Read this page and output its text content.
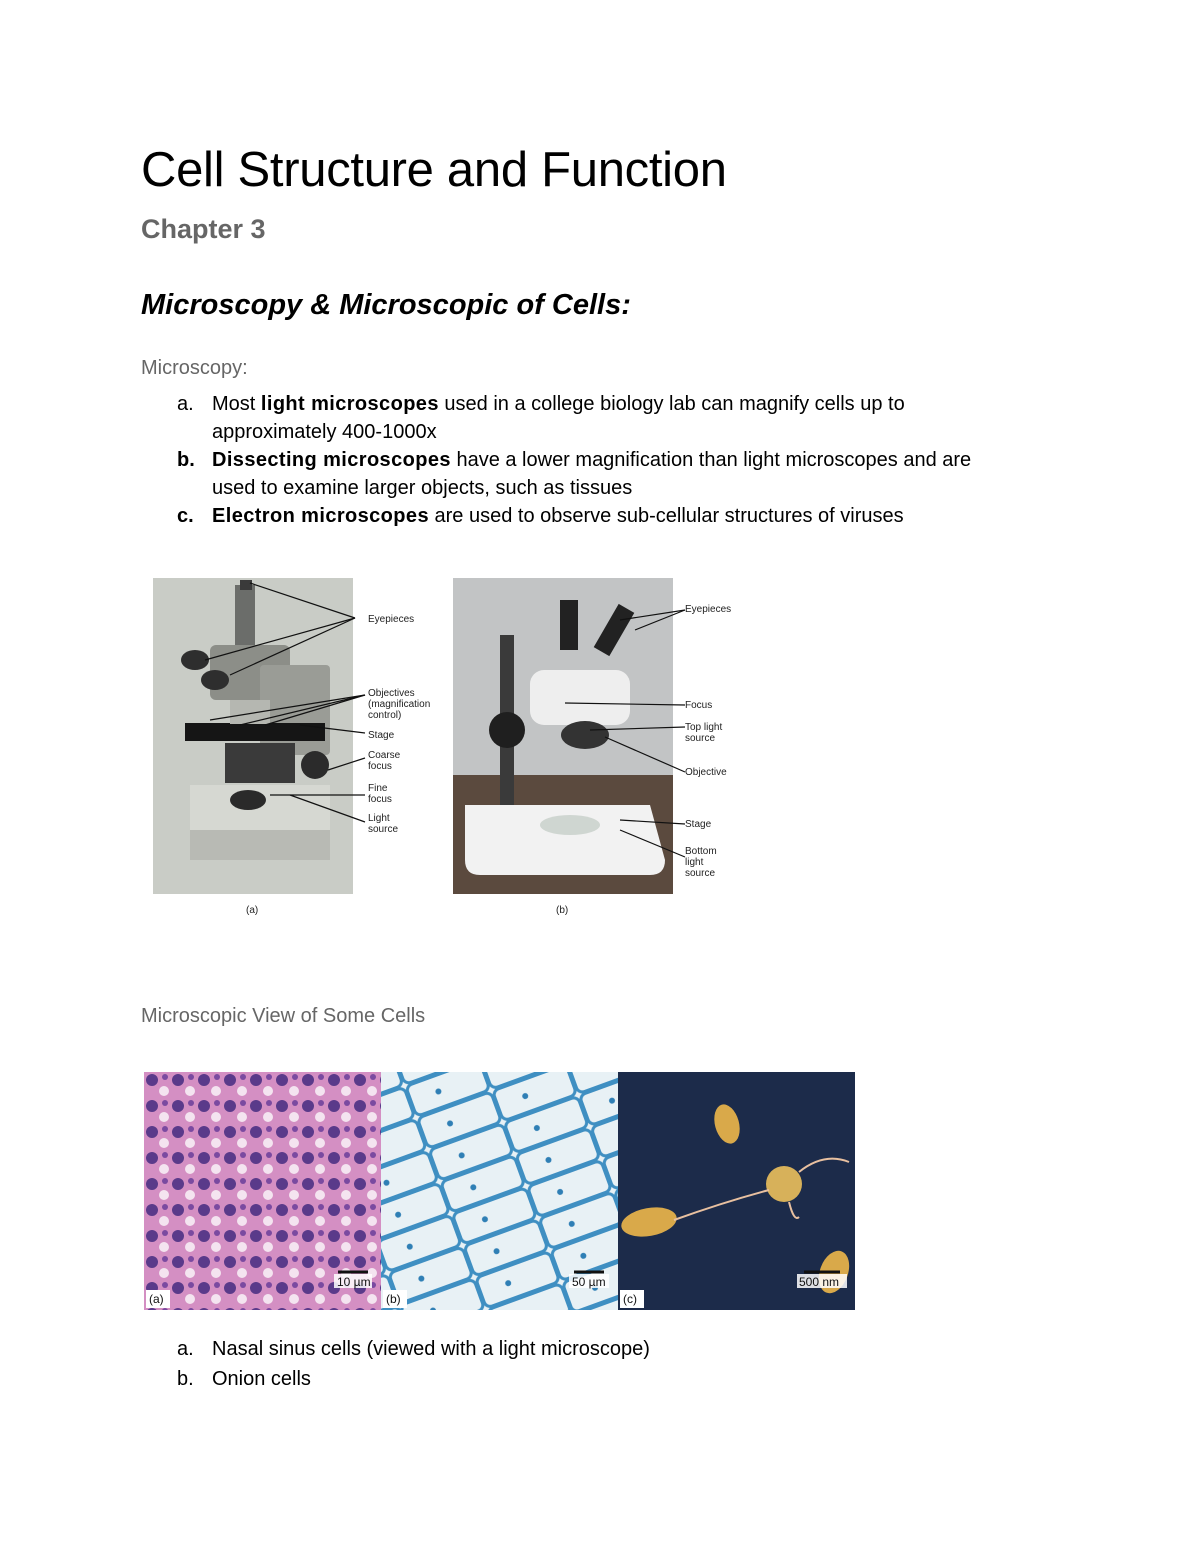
Cell Structure and Function
Chapter 3
Microscopy & Microscopic of Cells:

Microscopy:

a. Most light microscopes used in a college biology lab can magnify cells up to
approximately 400-1000x
b. Dissecting microscopes have a lower magnification than light microscopes and are
used to examine larger objects, such as tissues
c. Electron microscopes are used to observe sub-cellular structures of viruses
Eyepieces
Objectives
(magnification
control)
Stage
Coarse
focus
Fine
focus
Light
source
Eyepieces
Focus
Top light
source
Objective
Stage
Bottom
light
source
(a)	(b)

Microscopic View of Some Cells

10 µm
(a)
50 µm
(b)
500 nm
(c)
a. Nasal sinus cells (viewed with a light microscope)
b. Onion cells
